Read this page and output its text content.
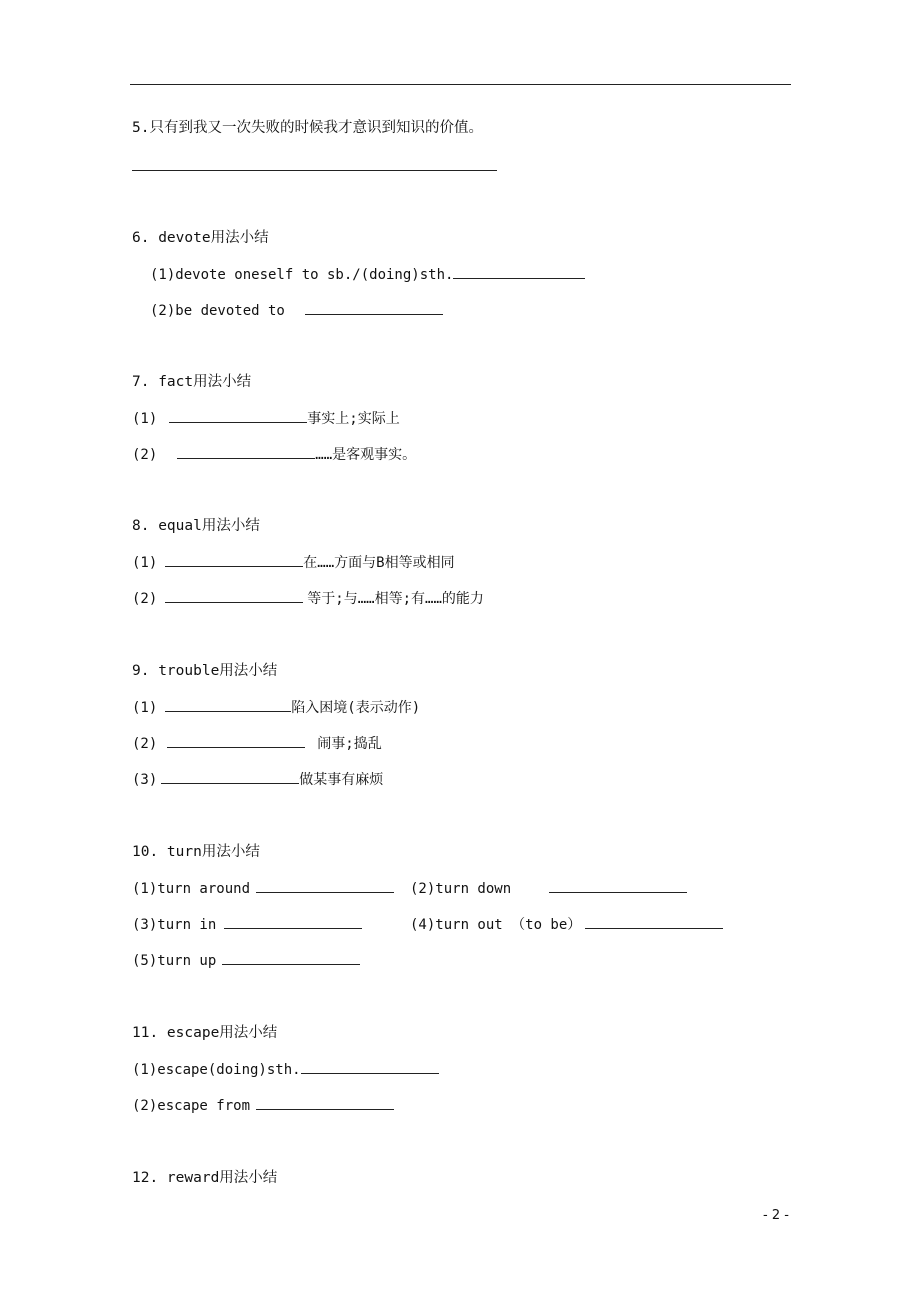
5.只有到我又一次失败的时候我才意识到知识的价值。
6. devote用法小结
(1)devote oneself to sb./(doing)sth.
(2)be devoted to
7. fact用法小结
(1)	事实上;实际上
(2)	……是客观事实。
8. equal用法小结
(1)	在……方面与B相等或相同
(2)	等于;与……相等;有……的能力
9. trouble用法小结
(1)	陷入困境(表示动作)
(2)	闹事;捣乱
(3)	做某事有麻烦
10. turn用法小结
(1)turn around	(2)turn down
(3)turn in	(4)turn out （to be）
(5)turn up
11. escape用法小结
(1)escape(doing)sth.
(2)escape from
12. reward用法小结
- 2 -
